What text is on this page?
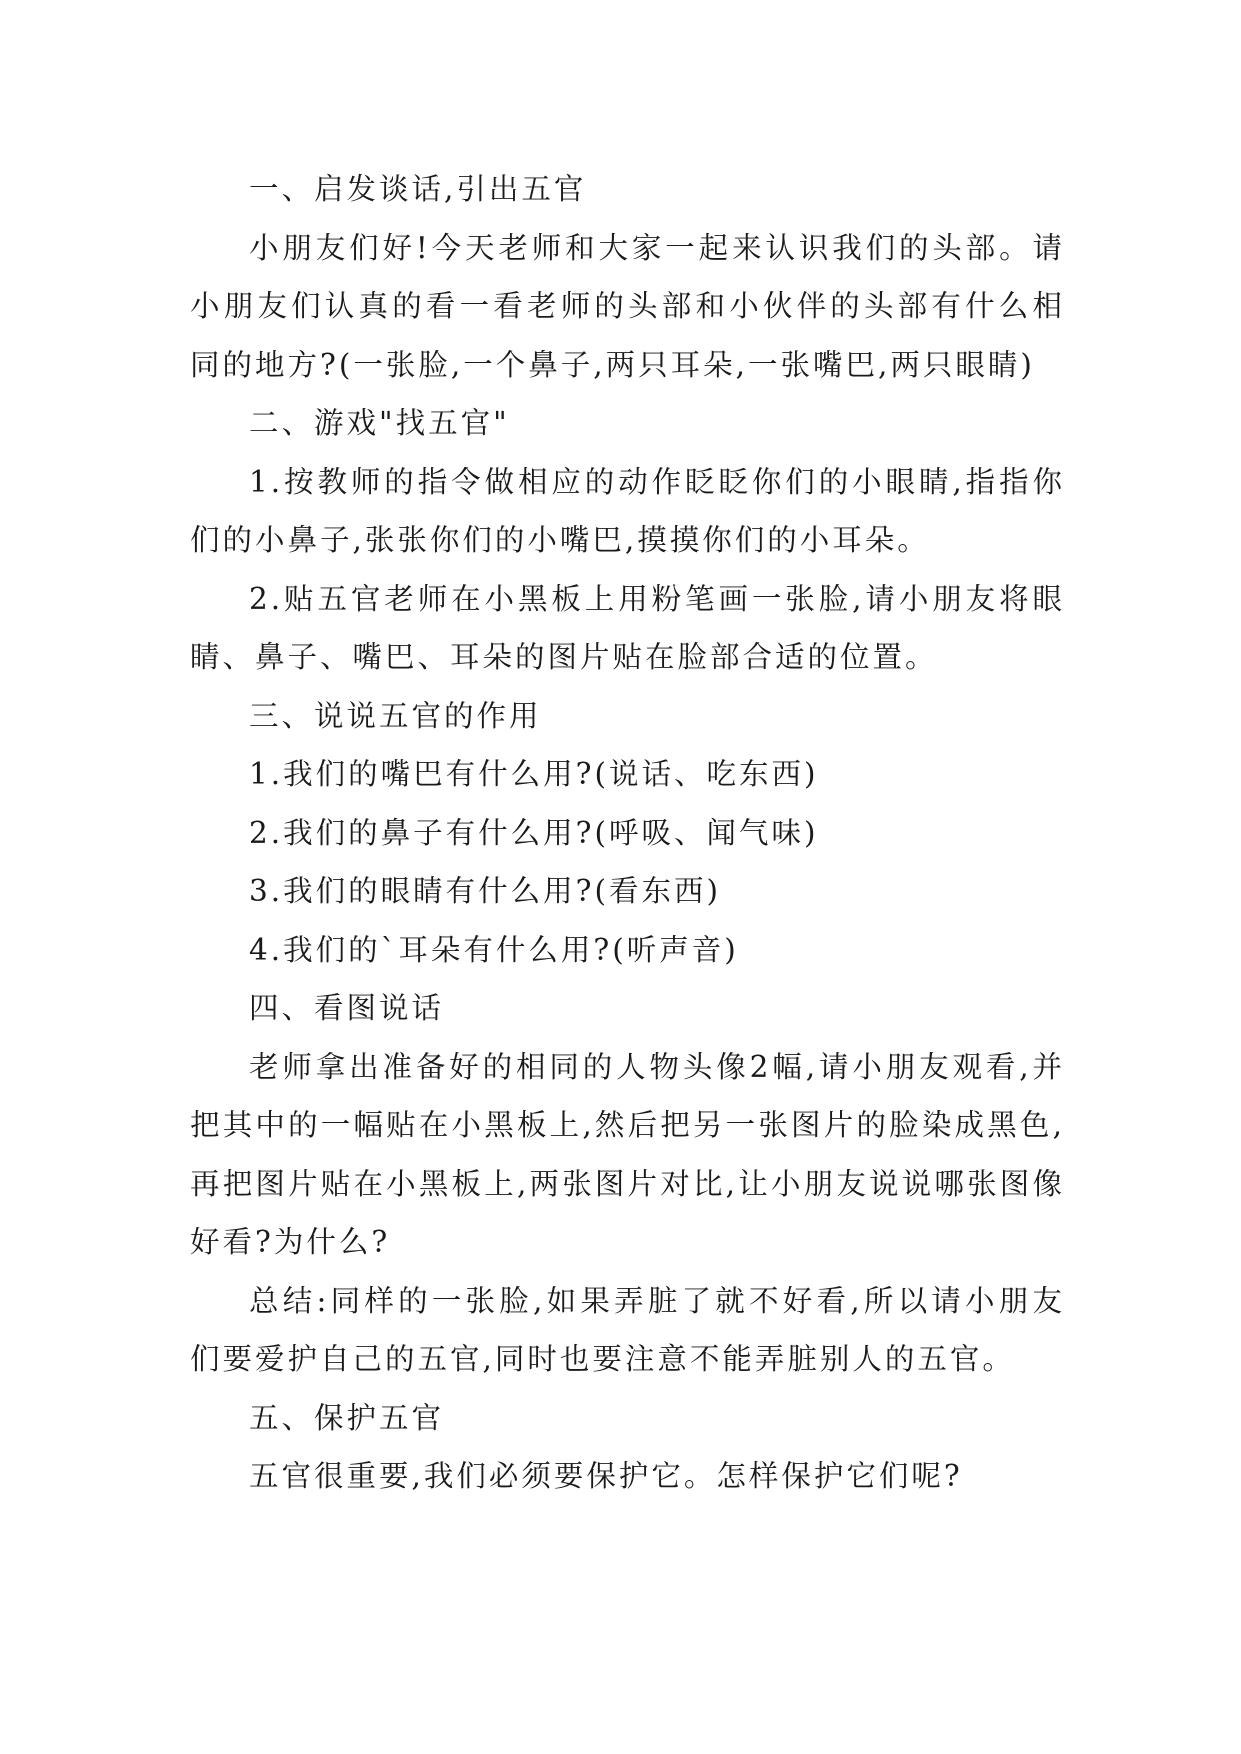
一、启发谈话,引出五官

小朋友们好!今天老师和大家一起来认识我们的头部。请小朋友们认真的看一看老师的头部和小伙伴的头部有什么相同的地方?(一张脸,一个鼻子,两只耳朵,一张嘴巴,两只眼睛)

二、游戏"找五官"

1.按教师的指令做相应的动作眨眨你们的小眼睛,指指你们的小鼻子,张张你们的小嘴巴,摸摸你们的小耳朵。

2.贴五官老师在小黑板上用粉笔画一张脸,请小朋友将眼睛、鼻子、嘴巴、耳朵的图片贴在脸部合适的位置。

三、说说五官的作用

1.我们的嘴巴有什么用?(说话、吃东西)

2.我们的鼻子有什么用?(呼吸、闻气味)

3.我们的眼睛有什么用?(看东西)

4.我们的`耳朵有什么用?(听声音)

四、看图说话

老师拿出准备好的相同的人物头像2幅,请小朋友观看,并把其中的一幅贴在小黑板上,然后把另一张图片的脸染成黑色,再把图片贴在小黑板上,两张图片对比,让小朋友说说哪张图像好看?为什么?

总结:同样的一张脸,如果弄脏了就不好看,所以请小朋友们要爱护自己的五官,同时也要注意不能弄脏别人的五官。

五、保护五官

五官很重要,我们必须要保护它。怎样保护它们呢?
